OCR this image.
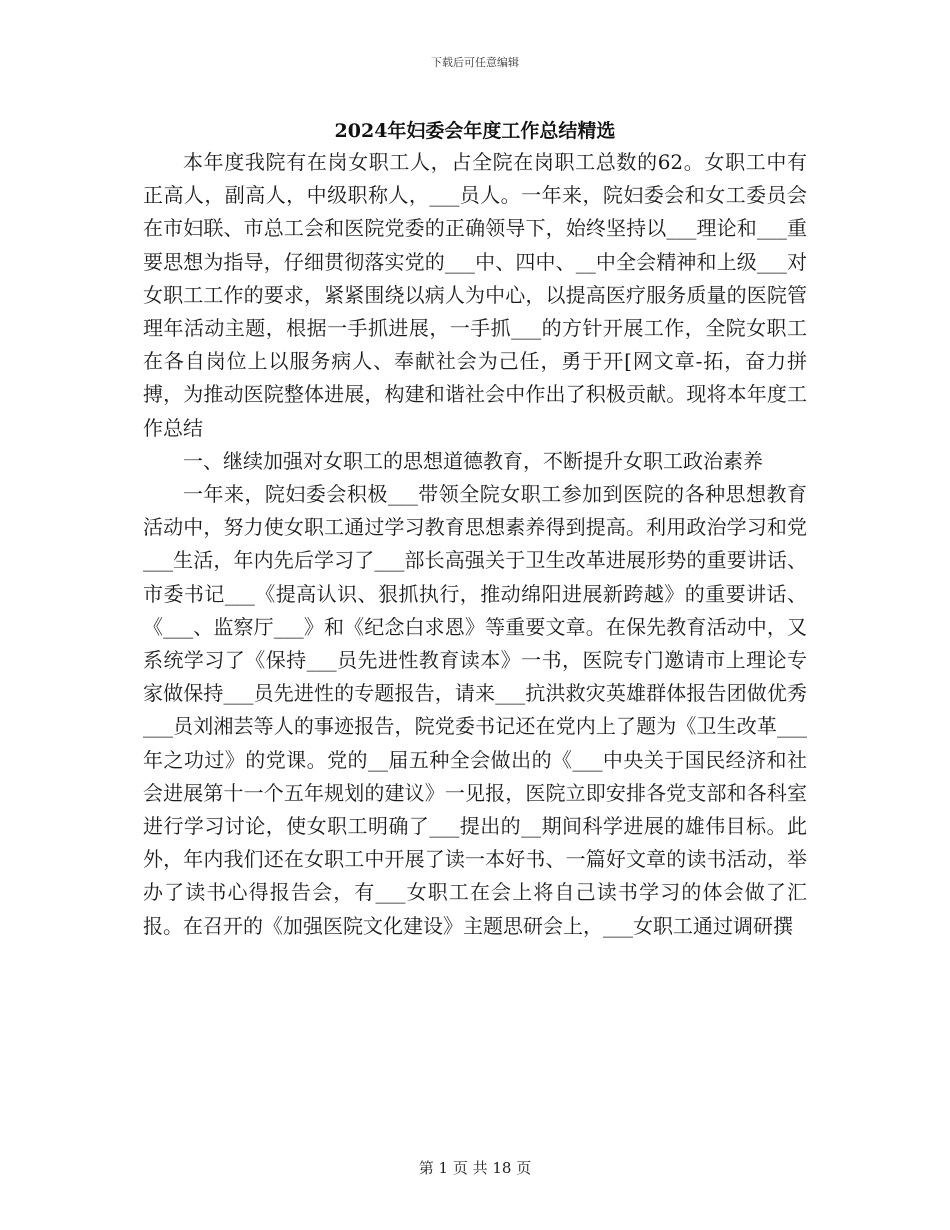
下载后可任意编辑
2024年妇委会年度工作总结精选

本年度我院有在岗女职工人，占全院在岗职工总数的62。女职工中有正高人，副高人，中级职称人，___员人。一年来，院妇委会和女工委员会在市妇联、市总工会和医院党委的正确领导下，始终坚持以___理论和___重要思想为指导，仔细贯彻落实党的___中、四中、__中全会精神和上级___对女职工工作的要求，紧紧围绕以病人为中心，以提高医疗服务质量的医院管理年活动主题，根据一手抓进展，一手抓___的方针开展工作，全院女职工在各自岗位上以服务病人、奉献社会为己任，勇于开[网文章-拓，奋力拼搏，为推动医院整体进展，构建和谐社会中作出了积极贡献。现将本年度工作总结

一、继续加强对女职工的思想道德教育，不断提升女职工政治素养

一年来，院妇委会积极___带领全院女职工参加到医院的各种思想教育活动中，努力使女职工通过学习教育思想素养得到提高。利用政治学习和党___生活，年内先后学习了___部长高强关于卫生改革进展形势的重要讲话、市委书记___《提高认识、狠抓执行，推动绵阳进展新跨越》的重要讲话、《___、监察厅___》和《纪念白求恩》等重要文章。在保先教育活动中，又系统学习了《保持___员先进性教育读本》一书，医院专门邀请市上理论专家做保持___员先进性的专题报告，请来___抗洪救灾英雄群体报告团做优秀___员刘湘芸等人的事迹报告，院党委书记还在党内上了题为《卫生改革___年之功过》的党课。党的__届五种全会做出的《___中央关于国民经济和社会进展第十一个五年规划的建议》一见报，医院立即安排各党支部和各科室进行学习讨论，使女职工明确了___提出的__期间科学进展的雄伟目标。此外，年内我们还在女职工中开展了读一本好书、一篇好文章的读书活动，举办了读书心得报告会，有___女职工在会上将自己读书学习的体会做了汇报。在召开的《加强医院文化建设》主题思研会上，___女职工通过调研撰

第 1 页 共 18 页
